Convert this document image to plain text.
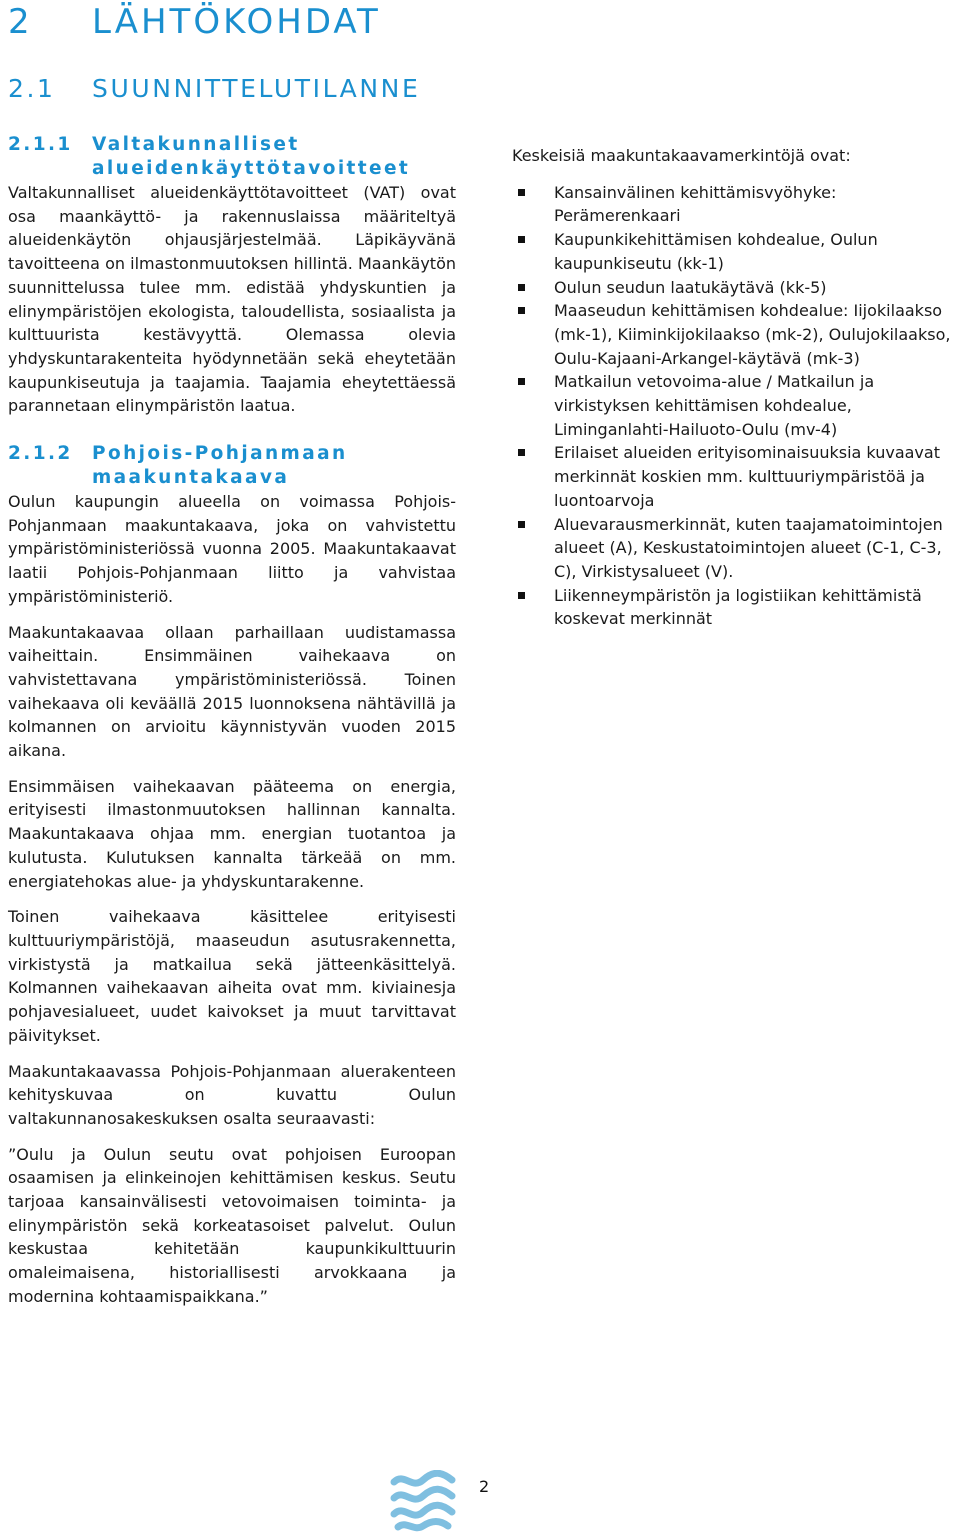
2 LÄHTÖKOHDAT
2.1 SUUNNITTELUTILANNE
2.1.1	Valtakunnalliset alueidenkäyttötavoitteet

Valtakunnalliset alueidenkäyttötavoitteet (VAT) ovat osa maankäyttö- ja rakennuslaissa määriteltyä alueidenkäytön ohjausjärjestelmää. Läpikäyvänä tavoitteena on ilmastonmuutoksen hillintä. Maankäytön suunnittelussa tulee mm. edistää yhdyskuntien ja elinympäristöjen ekologista, taloudellista, sosiaalista ja kulttuurista kestävyyttä. Olemassa olevia yhdyskuntarakenteita hyödynnetään sekä eheytetään kaupunkiseutuja ja taajamia. Taajamia eheytettäessä parannetaan elinympäristön laatua.

2.1.2	Pohjois-Pohjanmaan maakuntakaava

Oulun kaupungin alueella on voimassa Pohjois-Pohjanmaan maakuntakaava, joka on vahvistettu ympäristöministeriössä vuonna 2005. Maakuntakaavat laatii Pohjois-Pohjanmaan liitto ja vahvistaa ympäristöministeriö.

Maakuntakaavaa ollaan parhaillaan uudistamassa vaiheittain. Ensimmäinen vaihekaava on vahvistettavana ympäristöministeriössä. Toinen vaihekaava oli keväällä 2015 luonnoksena nähtävillä ja kolmannen on arvioitu käynnistyvän vuoden 2015 aikana.

Ensimmäisen vaihekaavan pääteema on energia, erityisesti ilmastonmuutoksen hallinnan kannalta. Maakuntakaava ohjaa mm. energian tuotantoa ja kulutusta. Kulutuksen kannalta tärkeää on mm. energiatehokas alue- ja yhdyskuntarakenne.

Toinen vaihekaava käsittelee erityisesti kulttuuriympäristöjä, maaseudun asutusrakennetta, virkistystä ja matkailua sekä jätteenkäsittelyä. Kolmannen vaihekaavan aiheita ovat mm. kiviainesja pohjavesialueet, uudet kaivokset ja muut tarvittavat päivitykset.

Maakuntakaavassa Pohjois-Pohjanmaan aluerakenteen kehityskuvaa on kuvattu Oulun valtakunnanosakeskuksen osalta seuraavasti:

”Oulu ja Oulun seutu ovat pohjoisen Euroopan osaamisen ja elinkeinojen kehittämisen keskus. Seutu tarjoaa kansainvälisesti vetovoimaisen toiminta- ja elinympäristön sekä korkeatasoiset palvelut. Oulun keskustaa kehitetään kaupunkikulttuurin omaleimaisena, historiallisesti arvokkaana ja modernina kohtaamispaikkana.”

Keskeisiä maakuntakaavamerkintöjä ovat:

Kansainvälinen kehittämisvyöhyke: Perämerenkaari
Kaupunkikehittämisen kohdealue, Oulun kaupunkiseutu (kk-1)
Oulun seudun laatukäytävä (kk-5)
Maaseudun kehittämisen kohdealue: Iijokilaakso (mk-1), Kiiminkijokilaakso (mk-2), Oulujokilaakso, Oulu-Kajaani-Arkangel-käytävä (mk-3)
Matkailun vetovoima-alue / Matkailun ja virkistyksen kehittämisen kohdealue, Liminganlahti-Hailuoto-Oulu (mv-4)
Erilaiset alueiden erityisominaisuuksia kuvaavat merkinnät koskien mm. kulttuuriympäristöä ja luontoarvoja
Aluevarausmerkinnät, kuten taajamatoimintojen alueet (A), Keskustatoimintojen alueet (C-1, C-3, C), Virkistysalueet (V).
Liikenneympäristön ja logistiikan kehittämistä koskevat merkinnät
2
